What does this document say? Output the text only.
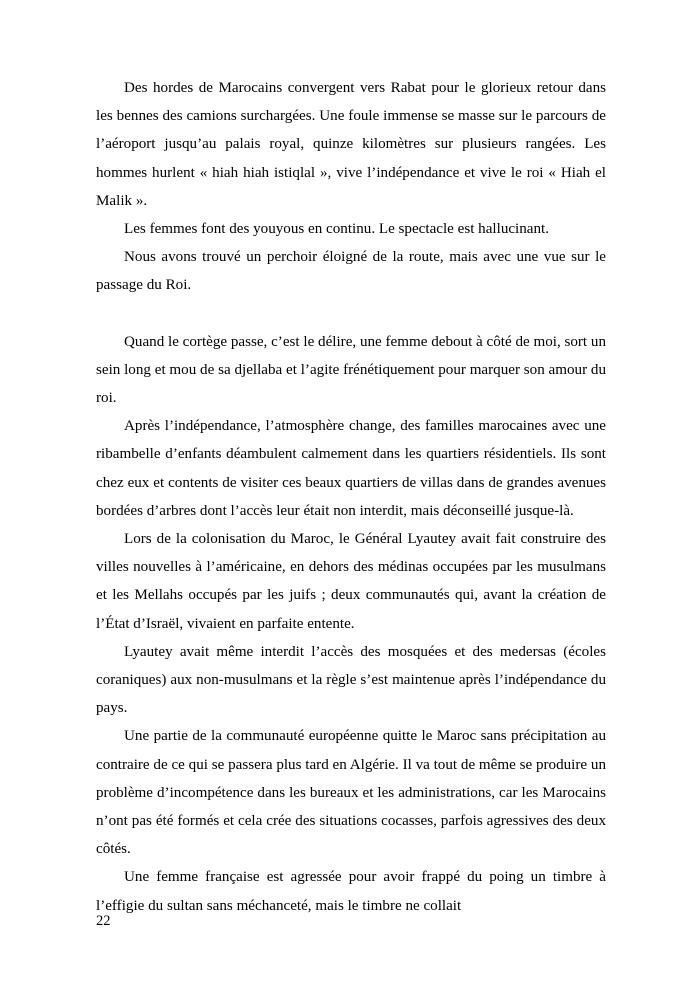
Des hordes de Marocains convergent vers Rabat pour le glorieux retour dans les bennes des camions surchargées. Une foule immense se masse sur le parcours de l’aéroport jusqu’au palais royal, quinze kilomètres sur plusieurs rangées. Les hommes hurlent « hiah hiah istiqlal », vive l’indépendance et vive le roi « Hiah el Malik ».

Les femmes font des youyous en continu. Le spectacle est hallucinant.

Nous avons trouvé un perchoir éloigné de la route, mais avec une vue sur le passage du Roi.

Quand le cortège passe, c’est le délire, une femme debout à côté de moi, sort un sein long et mou de sa djellaba et l’agite frénétiquement pour marquer son amour du roi.

Après l’indépendance, l’atmosphère change, des familles marocaines avec une ribambelle d’enfants déambulent calmement dans les quartiers résidentiels. Ils sont chez eux et contents de visiter ces beaux quartiers de villas dans de grandes avenues bordées d’arbres dont l’accès leur était non interdit, mais déconseillé jusque-là.

Lors de la colonisation du Maroc, le Général Lyautey avait fait construire des villes nouvelles à l’américaine, en dehors des médinas occupées par les musulmans et les Mellahs occupés par les juifs ; deux communautés qui, avant la création de l’État d’Israël, vivaient en parfaite entente.

Lyautey avait même interdit l’accès des mosquées et des medersas (écoles coraniques) aux non-musulmans et la règle s’est maintenue après l’indépendance du pays.

Une partie de la communauté européenne quitte le Maroc sans précipitation au contraire de ce qui se passera plus tard en Algérie. Il va tout de même se produire un problème d’incompétence dans les bureaux et les administrations, car les Marocains n’ont pas été formés et cela crée des situations cocasses, parfois agressives des deux côtés.

Une femme française est agressée pour avoir frappé du poing un timbre à l’effigie du sultan sans méchanceté, mais le timbre ne collait

22
